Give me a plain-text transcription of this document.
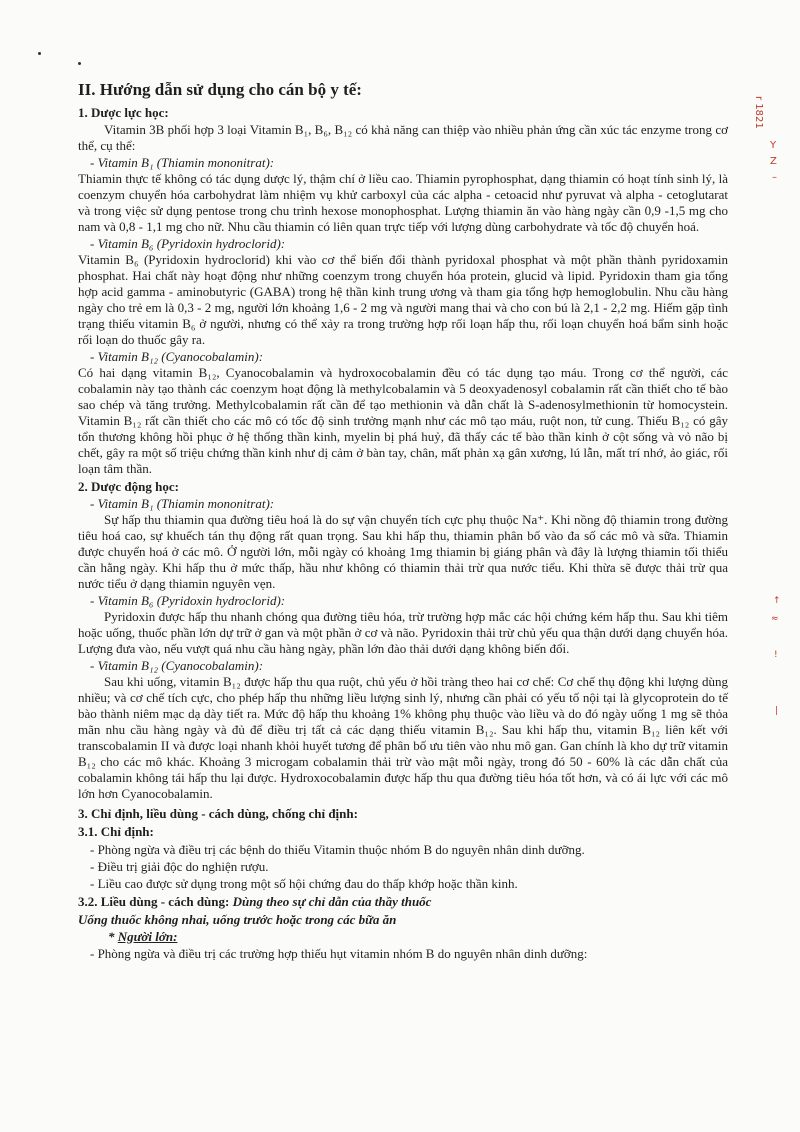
II. Hướng dẫn sử dụng cho cán bộ y tế:
1. Dược lực học:

Vitamin 3B phối hợp 3 loại Vitamin B₁, B₆, B₁₂ có khả năng can thiệp vào nhiều phản ứng cần xúc tác enzyme trong cơ thể, cụ thể:

- Vitamin B₁ (Thiamin mononitrat):

Thiamin thực tế không có tác dụng dược lý, thậm chí ở liều cao. Thiamin pyrophosphat, dạng thiamin có hoạt tính sinh lý, là coenzym chuyển hóa carbohydrat làm nhiệm vụ khử carboxyl của các alpha - cetoacid như pyruvat và alpha - cetoglutarat và trong việc sử dụng pentose trong chu trình hexose monophosphat. Lượng thiamin ăn vào hàng ngày cần 0,9 -1,5 mg cho nam và 0,8 - 1,1 mg cho nữ. Nhu cầu thiamin có liên quan trực tiếp với lượng dùng carbohydrate và tốc độ chuyển hoá.

- Vitamin B₆ (Pyridoxin hydroclorid):

Vitamin B₆ (Pyridoxin hydroclorid) khi vào cơ thể biến đổi thành pyridoxal phosphat và một phần thành pyridoxamin phosphat. Hai chất này hoạt động như những coenzym trong chuyển hóa protein, glucid và lipid. Pyridoxin tham gia tổng hợp acid gamma - aminobutyric (GABA) trong hệ thần kinh trung ương và tham gia tổng hợp hemoglobulin. Nhu cầu hàng ngày cho trẻ em là 0,3 - 2 mg, người lớn khoảng 1,6 - 2 mg và người mang thai và cho con bú là 2,1 - 2,2 mg. Hiếm gặp tình trạng thiếu vitamin B₆ ở người, nhưng có thể xảy ra trong trường hợp rối loạn hấp thu, rối loạn chuyển hoá bẩm sinh hoặc rối loạn do thuốc gây ra.

- Vitamin B₁₂ (Cyanocobalamin):

Có hai dạng vitamin B₁₂, Cyanocobalamin và hydroxocobalamin đều có tác dụng tạo máu. Trong cơ thể người, các cobalamin này tạo thành các coenzym hoạt động là methylcobalamin và 5 deoxyadenosyl cobalamin rất cần thiết cho tế bào sao chép và tăng trưởng. Methylcobalamin rất cần để tạo methionin và dẫn chất là S-adenosylmethionin từ homocystein. Vitamin B₁₂ rất cần thiết cho các mô có tốc độ sinh trưởng mạnh như các mô tạo máu, ruột non, tử cung. Thiếu B₁₂ có gây tổn thương không hồi phục ở hệ thống thần kinh, myelin bị phá huỷ, đã thấy các tế bào thần kinh ở cột sống và vỏ não bị chết, gây ra một số triệu chứng thần kinh như dị cảm ở bàn tay, chân, mất phản xạ gân xương, lú lẫn, mất trí nhớ, ảo giác, rối loạn tâm thần.

2. Dược động học:
- Vitamin B₁ (Thiamin mononitrat):

Sự hấp thu thiamin qua đường tiêu hoá là do sự vận chuyển tích cực phụ thuộc Na⁺. Khi nồng độ thiamin trong đường tiêu hoá cao, sự khuếch tán thụ động rất quan trọng. Sau khi hấp thu, thiamin phân bố vào đa số các mô và sữa. Thiamin được chuyển hoá ở các mô. Ở người lớn, mỗi ngày có khoảng 1mg thiamin bị giáng phân và đây là lượng thiamin tối thiểu cần hằng ngày. Khi hấp thu ở mức thấp, hầu như không có thiamin thải trừ qua nước tiểu. Khi thừa sẽ được thải trừ qua nước tiểu ở dạng thiamin nguyên vẹn.

- Vitamin B₆ (Pyridoxin hydroclorid):

Pyridoxin được hấp thu nhanh chóng qua đường tiêu hóa, trừ trường hợp mắc các hội chứng kém hấp thu. Sau khi tiêm hoặc uống, thuốc phần lớn dự trữ ở gan và một phần ở cơ và não. Pyridoxin thải trừ chủ yếu qua thận dưới dạng chuyển hóa. Lượng đưa vào, nếu vượt quá nhu cầu hàng ngày, phần lớn đào thải dưới dạng không biến đổi.

- Vitamin B₁₂ (Cyanocobalamin):

Sau khi uống, vitamin B₁₂ được hấp thu qua ruột, chủ yếu ở hồi tràng theo hai cơ chế: Cơ chế thụ động khi lượng dùng nhiều; và cơ chế tích cực, cho phép hấp thu những liều lượng sinh lý, nhưng cần phải có yếu tố nội tại là glycoprotein do tế bào thành niêm mạc dạ dày tiết ra. Mức độ hấp thu khoảng 1% không phụ thuộc vào liều và do đó ngày uống 1 mg sẽ thỏa mãn nhu cầu hàng ngày và đủ để điều trị tất cả các dạng thiếu vitamin B₁₂. Sau khi hấp thu, vitamin B₁₂ liên kết với transcobalamin II và được loại nhanh khỏi huyết tương để phân bố ưu tiên vào nhu mô gan. Gan chính là kho dự trữ vitamin B₁₂ cho các mô khác. Khoảng 3 microgam cobalamin thải trừ vào mật mỗi ngày, trong đó 50 - 60% là các dẫn chất của cobalamin không tái hấp thu lại được. Hydroxocobalamin được hấp thu qua đường tiêu hóa tốt hơn, và có ái lực với các mô lớn hơn Cyanocobalamin.

3. Chỉ định, liều dùng - cách dùng, chống chỉ định:
3.1. Chỉ định:
- Phòng ngừa và điều trị các bệnh do thiếu Vitamin thuộc nhóm B do nguyên nhân dinh dưỡng.
- Điều trị giải độc do nghiện rượu.
- Liều cao được sử dụng trong một số hội chứng đau do thấp khớp hoặc thần kinh.
3.2. Liều dùng - cách dùng: Dùng theo sự chỉ dẫn của thầy thuốc
Uống thuốc không nhai, uống trước hoặc trong các bữa ăn
* Người lớn:
- Phòng ngừa và điều trị các trường hợp thiếu hụt vitamin nhóm B do nguyên nhân dinh dưỡng:
r 1821
Y
Z
–
↑
≈
!
|
